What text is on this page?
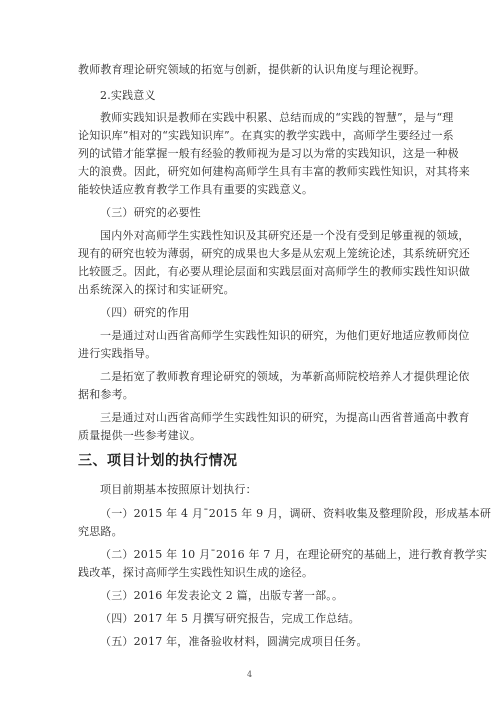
教师教育理论研究领域的拓宽与创新，提供新的认识角度与理论视野。
2.实践意义
教师实践知识是教师在实践中积累、总结而成的“实践的智慧”，是与“理
论知识库”相对的“实践知识库”。在真实的教学实践中，高师学生要经过一系
列的试错才能掌握一般有经验的教师视为是习以为常的实践知识，这是一种极
大的浪费。因此，研究如何建构高师学生具有丰富的教师实践性知识，对其将来
能较快适应教育教学工作具有重要的实践意义。
（三）研究的必要性
国内外对高师学生实践性知识及其研究还是一个没有受到足够重视的领域，
现有的研究也较为薄弱，研究的成果也大多是从宏观上笼统论述，其系统研究还
比较匮乏。因此，有必要从理论层面和实践层面对高师学生的教师实践性知识做
出系统深入的探讨和实证研究。
（四）研究的作用
一是通过对山西省高师学生实践性知识的研究，为他们更好地适应教师岗位
进行实践指导。
二是拓宽了教师教育理论研究的领域，为革新高师院校培养人才提供理论依
据和参考。
三是通过对山西省高师学生实践性知识的研究，为提高山西省普通高中教育
质量提供一些参考建议。
三、项目计划的执行情况
项目前期基本按照原计划执行：
（一）2015 年 4 月¯2015 年 9 月，调研、资料收集及整理阶段，形成基本研
究思路。
（二）2015 年 10 月¯2016 年 7 月，在理论研究的基础上，进行教育教学实
践改革，探讨高师学生实践性知识生成的途径。
（三）2016 年发表论文 2 篇，出版专著一部。。
（四）2017 年 5 月撰写研究报告，完成工作总结。
（五）2017 年，准备验收材料，圆满完成项目任务。
4
